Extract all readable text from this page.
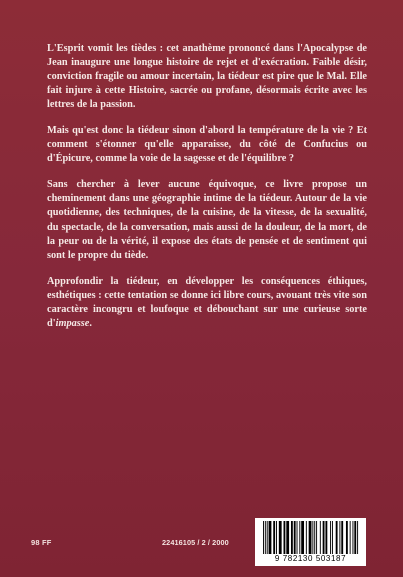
L'Esprit vomit les tièdes : cet anathème prononcé dans l'Apocalypse de Jean inaugure une longue histoire de rejet et d'exécration. Faible désir, conviction fragile ou amour incertain, la tiédeur est pire que le Mal. Elle fait injure à cette Histoire, sacrée ou profane, désormais écrite avec les lettres de la passion.

Mais qu'est donc la tiédeur sinon d'abord la température de la vie ? Et comment s'étonner qu'elle apparaisse, du côté de Confucius ou d'Épicure, comme la voie de la sagesse et de l'équilibre ?

Sans chercher à lever aucune équivoque, ce livre propose un cheminement dans une géographie intime de la tiédeur. Autour de la vie quotidienne, des techniques, de la cuisine, de la vitesse, de la sexualité, du spectacle, de la conversation, mais aussi de la douleur, de la mort, de la peur ou de la vérité, il expose des états de pensée et de sentiment qui sont le propre du tiède.

Approfondir la tiédeur, en développer les conséquences éthiques, esthétiques : cette tentation se donne ici libre cours, avouant très vite son caractère incongru et loufoque et débouchant sur une curieuse sorte d'impasse.

98 FF	22416105 / 2 / 2000
9 782130 503187
